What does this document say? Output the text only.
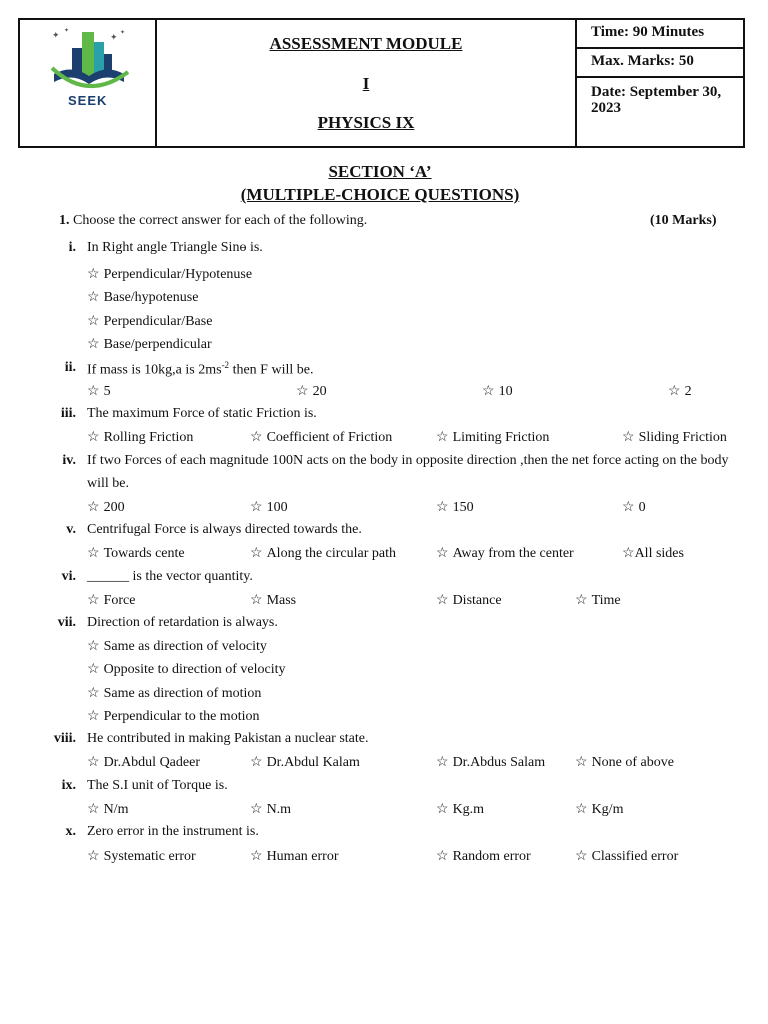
✦
✦
✦
✦
SEEK
ASSESSMENT MODULE
I
PHYSICS IX
Time: 90 Minutes
Max. Marks: 50
Date: September 30,
2023
SECTION ‘A’
(MULTIPLE-CHOICE QUESTIONS)
1. Choose the correct answer for each of the following.	(10 Marks)
i. In Right angle Triangle Sinɵ is.
☆ Perpendicular/Hypotenuse
☆ Base/hypotenuse
☆ Perpendicular/Base
☆ Base/perpendicular
ii. If mass is 10kg,a is $2ms^{-2}$ then F will be.
☆ 5	☆ 20	☆ 10	☆ 2
iii. The maximum Force of static Friction is.
☆ Rolling Friction	☆ Coefficient of Friction	☆ Limiting Friction	☆ Sliding Friction
iv. If two Forces of each magnitude 100N acts on the body in opposite direction ,then the net force acting on the body
will be.
☆ 200	☆ 100	☆ 150	☆ 0
v. Centrifugal Force is always directed towards the.
☆ Towards cente	☆ Along the circular path	☆ Away from the center	☆All sides
vi. ______ is the vector quantity.
☆ Force	☆ Mass	☆ Distance	☆ Time
vii. Direction of retardation is always.
☆ Same as direction of velocity
☆ Opposite to direction of velocity
☆ Same as direction of motion
☆ Perpendicular to the motion
viii. He contributed in making Pakistan a nuclear state.
☆ Dr.Abdul Qadeer	☆ Dr.Abdul Kalam	☆ Dr.Abdus Salam ☆ None of above
ix. The S.I unit of Torque is.
☆ N/m	☆ N.m	☆ Kg.m	☆ Kg/m
x. Zero error in the instrument is.
☆ Systematic error	☆ Human error	☆ Random error	☆ Classified error
